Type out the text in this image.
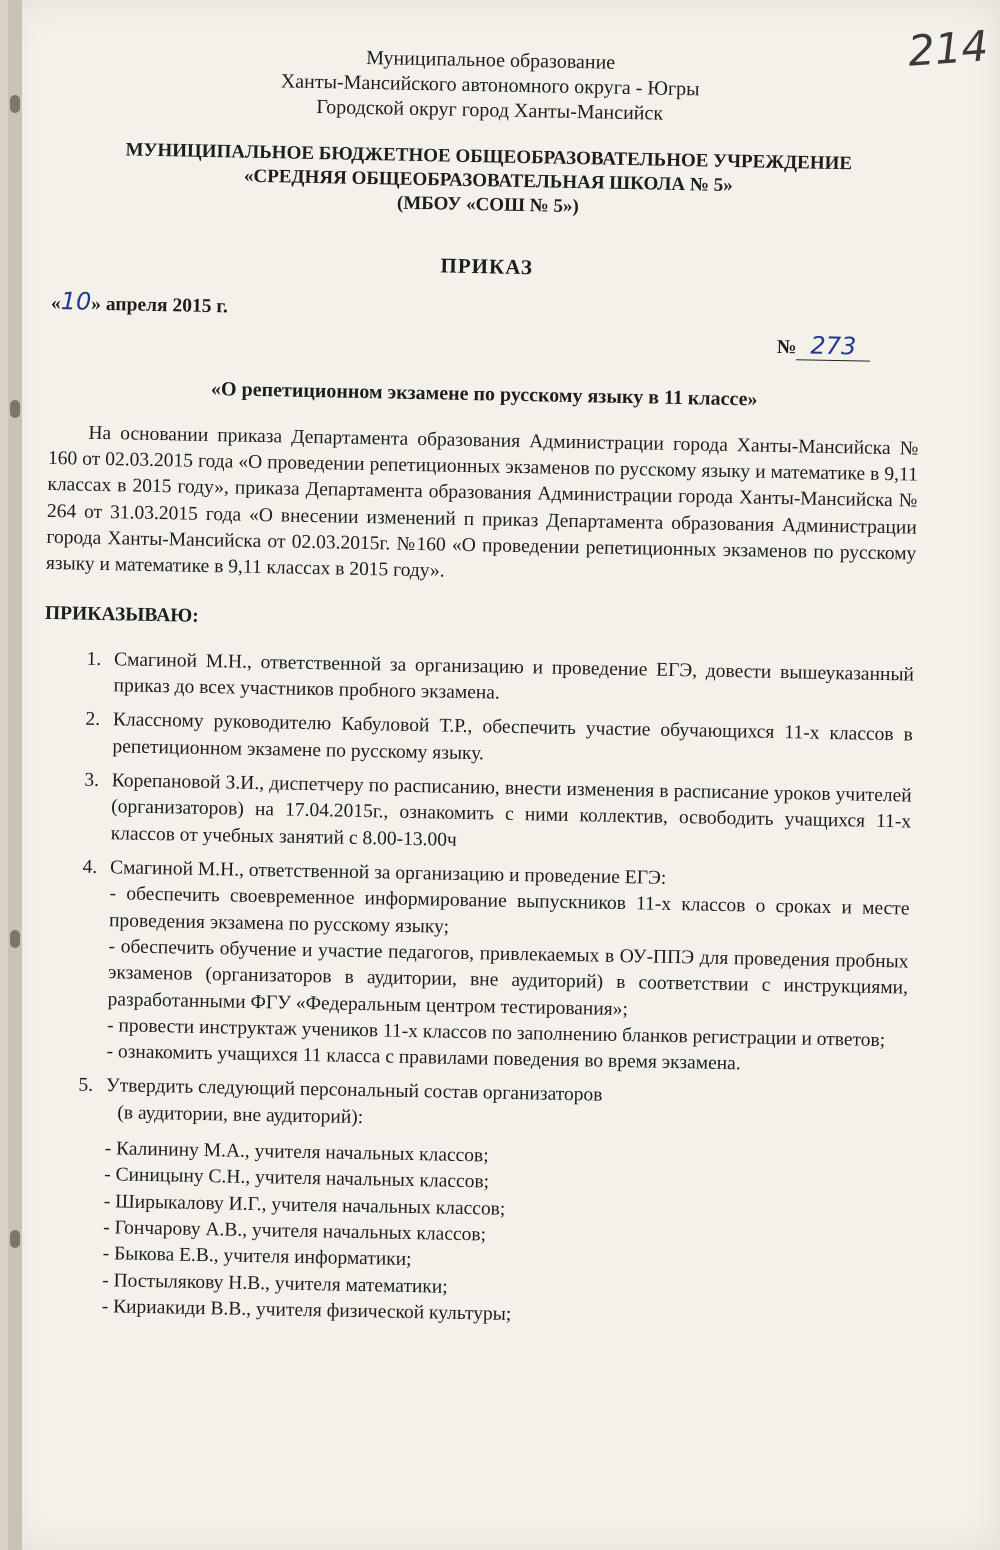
214
Муниципальное образование
Ханты-Мансийского автономного округа - Югры
Городской округ город Ханты-Мансийск
МУНИЦИПАЛЬНОЕ БЮДЖЕТНОЕ ОБЩЕОБРАЗОВАТЕЛЬНОЕ УЧРЕЖДЕНИЕ
«СРЕДНЯЯ ОБЩЕОБРАЗОВАТЕЛЬНАЯ ШКОЛА № 5»
(МБОУ «СОШ № 5»)
ПРИКАЗ
«10» апреля 2015 г.
№ 273
«О репетиционном экзамене по русскому языку в 11 классе»
На основании приказа Департамента образования Администрации города Ханты-Мансийска № 160 от 02.03.2015 года «О проведении репетиционных экзаменов по русскому языку и математике в 9,11 классах в 2015 году», приказа Департамента образования Администрации города Ханты-Мансийска № 264 от 31.03.2015 года «О внесении изменений п приказ Департамента образования Администрации города Ханты-Мансийска от 02.03.2015г. №160 «О проведении репетиционных экзаменов по русскому языку и математике в 9,11 классах в 2015 году».
ПРИКАЗЫВАЮ:
1. Смагиной М.Н., ответственной за организацию и проведение ЕГЭ, довести вышеуказанный приказ до всех участников пробного экзамена.
2. Классному руководителю Кабуловой Т.Р., обеспечить участие обучающихся 11-х классов в репетиционном экзамене по русскому языку.
3. Корепановой З.И., диспетчеру по расписанию, внести изменения в расписание уроков учителей (организаторов) на 17.04.2015г., ознакомить с ними коллектив, освободить учащихся 11-х классов от учебных занятий с 8.00-13.00ч
4. Смагиной М.Н., ответственной за организацию и проведение ЕГЭ:
- обеспечить своевременное информирование выпускников 11-х классов о сроках и месте проведения экзамена по русскому языку;
- обеспечить обучение и участие педагогов, привлекаемых в ОУ-ППЭ для проведения пробных экзаменов (организаторов в аудитории, вне аудиторий) в соответствии с инструкциями, разработанными ФГУ «Федеральным центром тестирования»;
- провести инструктаж учеников 11-х классов по заполнению бланков регистрации и ответов;
- ознакомить учащихся 11 класса с правилами поведения во время экзамена.
5. Утвердить следующий персональный состав организаторов
(в аудитории, вне аудиторий):
- Калинину М.А., учителя начальных классов;
- Синицыну С.Н., учителя начальных классов;
- Ширыкалову И.Г., учителя начальных классов;
- Гончарову А.В., учителя начальных классов;
- Быкова Е.В., учителя информатики;
- Постылякову Н.В., учителя математики;
- Кириакиди В.В., учителя физической культуры;
